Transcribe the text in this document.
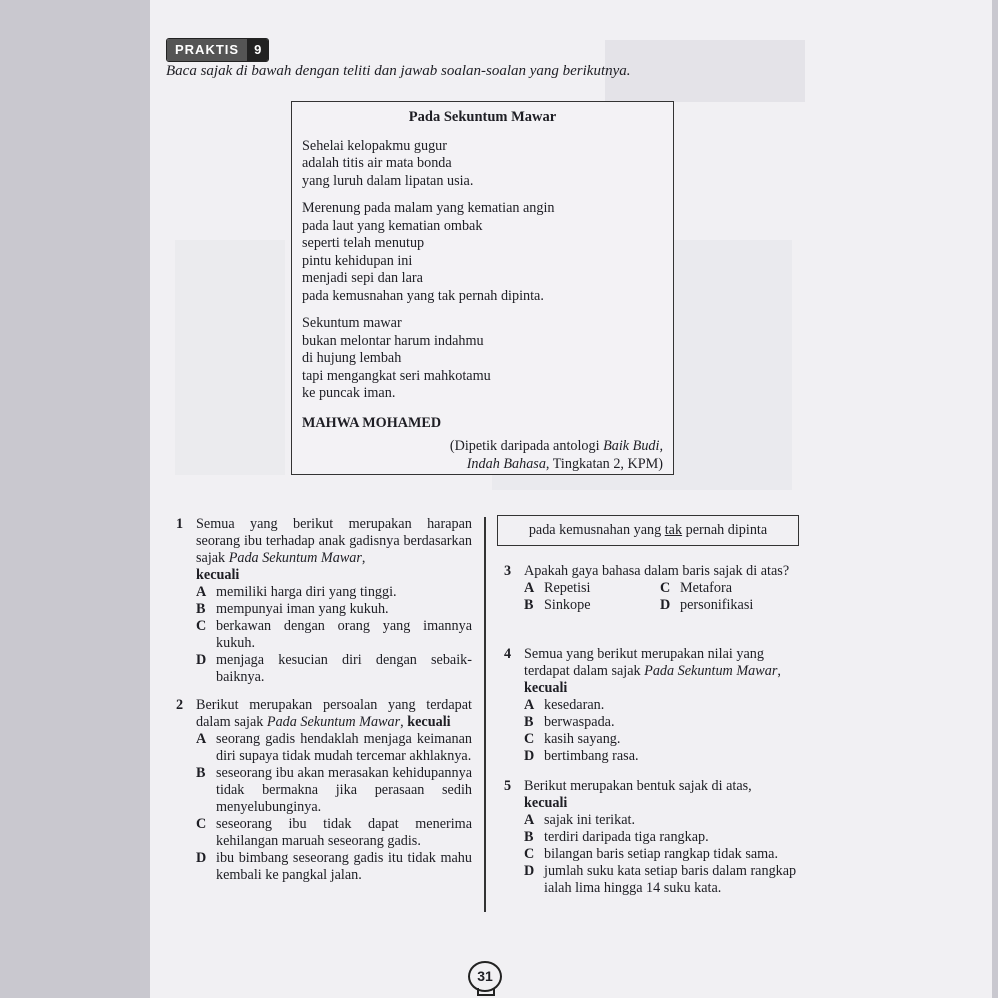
PRAKTIS	9
Baca sajak di bawah dengan teliti dan jawab soalan-soalan yang berikutnya.
Pada Sekuntum Mawar
Sehelai kelopakmu gugur
adalah titis air mata bonda
yang luruh dalam lipatan usia.
Merenung pada malam yang kematian angin
pada laut yang kematian ombak
seperti telah menutup
pintu kehidupan ini
menjadi sepi dan lara
pada kemusnahan yang tak pernah dipinta.
Sekuntum mawar
bukan melontar harum indahmu
di hujung lembah
tapi mengangkat seri mahkotamu
ke puncak iman.
MAHWA MOHAMED
(Dipetik daripada antologi Baik Budi,
Indah Bahasa, Tingkatan 2, KPM)
1 Semua yang berikut merupakan harapan seorang ibu terhadap anak gadisnya berdasarkan sajak Pada Sekuntum Mawar,
kecuali
A memiliki harga diri yang tinggi.
B mempunyai iman yang kukuh.
C berkawan dengan orang yang imannya kukuh.
D menjaga kesucian diri dengan sebaik-baiknya.
2 Berikut merupakan persoalan yang terdapat dalam sajak Pada Sekuntum Mawar, kecuali
A seorang gadis hendaklah menjaga keimanan diri supaya tidak mudah tercemar akhlaknya.
B seseorang ibu akan merasakan kehidupannya tidak bermakna jika perasaan sedih menyelubunginya.
C seseorang ibu tidak dapat menerima kehilangan maruah seseorang gadis.
D ibu bimbang seseorang gadis itu tidak mahu kembali ke pangkal jalan.
pada kemusnahan yang tak pernah dipinta
3 Apakah gaya bahasa dalam baris sajak di atas?
A Repetisi	C Metafora
B Sinkope	D personifikasi
4 Semua yang berikut merupakan nilai yang terdapat dalam sajak Pada Sekuntum Mawar, kecuali
A kesedaran.
B berwaspada.
C kasih sayang.
D bertimbang rasa.
5 Berikut merupakan bentuk sajak di atas,
kecuali
A sajak ini terikat.
B terdiri daripada tiga rangkap.
C bilangan baris setiap rangkap tidak sama.
D jumlah suku kata setiap baris dalam rangkap ialah lima hingga 14 suku kata.
31
